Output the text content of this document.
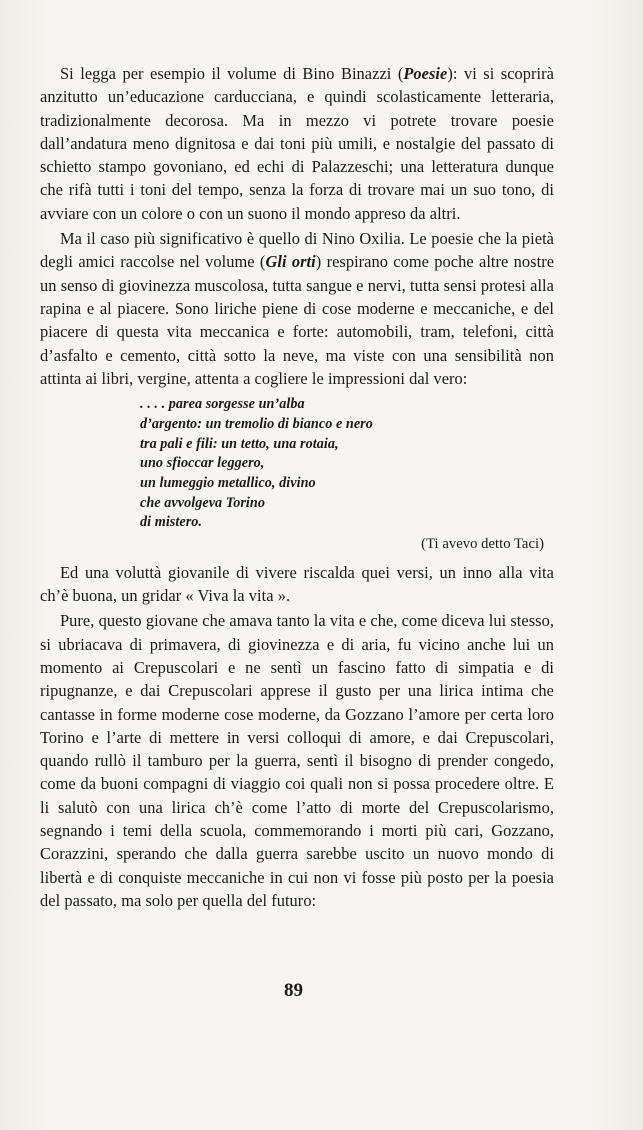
Si legga per esempio il volume di Bino Binazzi (Poesie): vi si scoprirà anzitutto un’educazione carducciana, e quindi scolasticamente letteraria, tradizionalmente decorosa. Ma in mezzo vi potrete trovare poesie dall’andatura meno dignitosa e dai toni più umili, e nostalgie del passato di schietto stampo govoniano, ed echi di Palazzeschi; una letteratura dunque che rifà tutti i toni del tempo, senza la forza di trovare mai un suo tono, di avviare con un colore o con un suono il mondo appreso da altri.

Ma il caso più significativo è quello di Nino Oxilia. Le poesie che la pietà degli amici raccolse nel volume (Gli orti) respirano come poche altre nostre un senso di giovinezza muscolosa, tutta sangue e nervi, tutta sensi protesi alla rapina e al piacere. Sono liriche piene di cose moderne e meccaniche, e del piacere di questa vita meccanica e forte: automobili, tram, telefoni, città d’asfalto e cemento, città sotto la neve, ma viste con una sensibilità non attinta ai libri, vergine, attenta a cogliere le impressioni dal vero:

. . . . parea sorgesse un’alba
d’argento: un tremolio di bianco e nero
tra pali e fili: un tetto, una rotaia,
uno sfioccar leggero,
un lumeggio metallico, divino
che avvolgeva Torino
di mistero.
(Ti avevo detto Taci)

Ed una voluttà giovanile di vivere riscalda quei versi, un inno alla vita ch’è buona, un gridar « Viva la vita ».

Pure, questo giovane che amava tanto la vita e che, come diceva lui stesso, si ubriacava di primavera, di giovinezza e di aria, fu vicino anche lui un momento ai Crepuscolari e ne sentì un fascino fatto di simpatia e di ripugnanze, e dai Crepuscolari apprese il gusto per una lirica intima che cantasse in forme moderne cose moderne, da Gozzano l’amore per certa loro Torino e l’arte di mettere in versi colloqui di amore, e dai Crepuscolari, quando rullò il tamburo per la guerra, sentì il bisogno di prender congedo, come da buoni compagni di viaggio coi quali non si possa procedere oltre. E li salutò con una lirica ch’è come l’atto di morte del Crepuscolarismo, segnando i temi della scuola, commemorando i morti più cari, Gozzano, Corazzini, sperando che dalla guerra sarebbe uscito un nuovo mondo di libertà e di conquiste meccaniche in cui non vi fosse più posto per la poesia del passato, ma solo per quella del futuro:

89
